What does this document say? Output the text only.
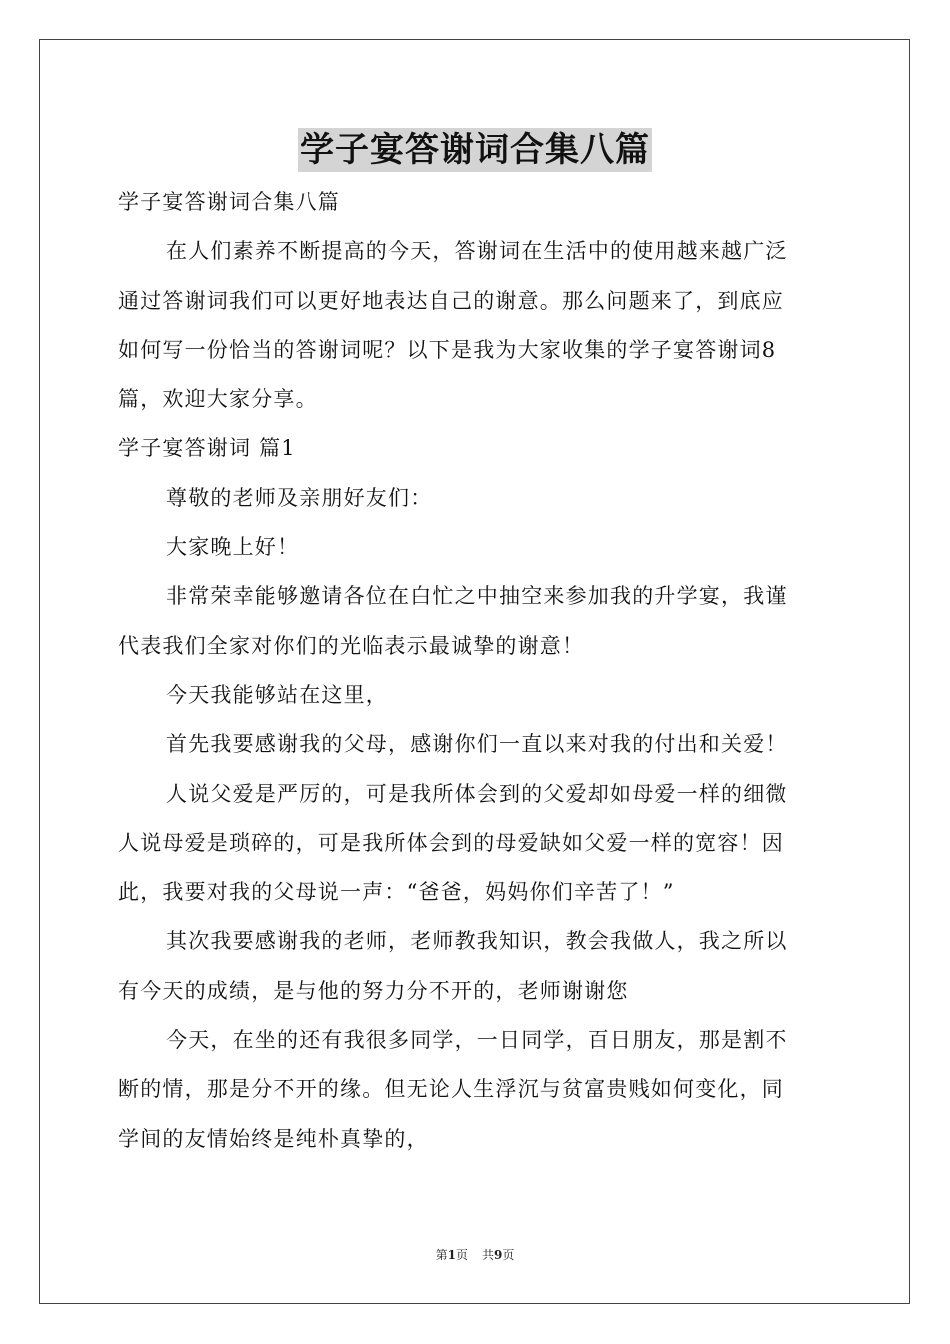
学子宴答谢词合集八篇
学子宴答谢词合集八篇
在人们素养不断提高的今天，答谢词在生活中的使用越来越广泛
通过答谢词我们可以更好地表达自己的谢意。那么问题来了，到底应
如何写一份恰当的答谢词呢？以下是我为大家收集的学子宴答谢词8
篇，欢迎大家分享。
学子宴答谢词 篇1
尊敬的老师及亲朋好友们：
大家晚上好！
非常荣幸能够邀请各位在白忙之中抽空来参加我的升学宴，我谨
代表我们全家对你们的光临表示最诚挚的谢意！
今天我能够站在这里，
首先我要感谢我的父母，感谢你们一直以来对我的付出和关爱！
人说父爱是严厉的，可是我所体会到的父爱却如母爱一样的细微
人说母爱是琐碎的，可是我所体会到的母爱缺如父爱一样的宽容！因
此，我要对我的父母说一声：“爸爸，妈妈你们辛苦了！”
其次我要感谢我的老师，老师教我知识，教会我做人，我之所以
有今天的成绩，是与他的努力分不开的，老师谢谢您
今天，在坐的还有我很多同学，一日同学，百日朋友，那是割不
断的情，那是分不开的缘。但无论人生浮沉与贫富贵贱如何变化，同
学间的友情始终是纯朴真挚的，
第1页 共9页
